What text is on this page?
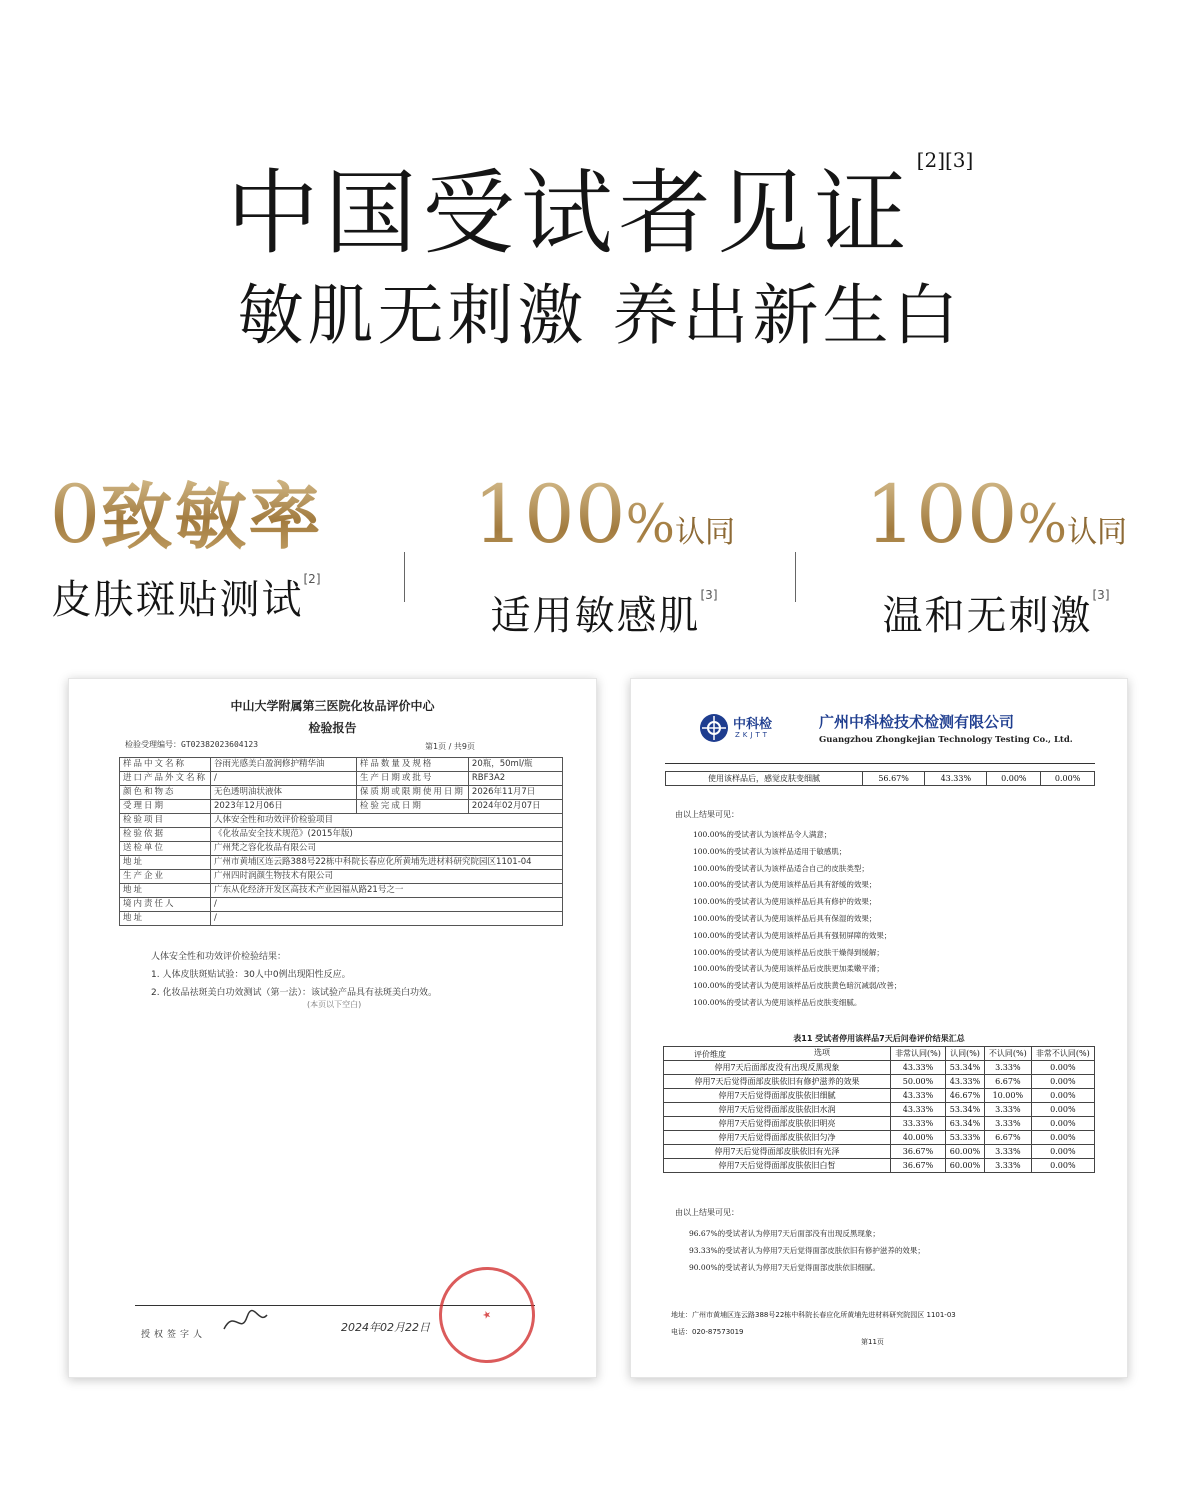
中国受试者见证 [2][3]
敏肌无刺激 养出新生白
0致敏率
皮肤斑贴测试[2]
100%认同
适用敏感肌[3]
100%认同
温和无刺激[3]
中山大学附属第三医院化妆品评价中心
检验报告
检验受理编号：GT02382023604123	第1页 / 共9页
样品中文名称	谷雨光感美白盈润修护精华油	样品数量及规格	20瓶，50ml/瓶
进口产品外文名称	/	生产日期或批号	RBF3A2
颜色和物态	无色透明油状液体	保质期或限期使用日期	2026年11月7日
受理日期	2023年12月06日	检验完成日期	2024年02月07日
检验项目	人体安全性和功效评价检验项目		
检验依据	《化妆品安全技术规范》(2015年版)		
送检单位	广州梵之容化妆品有限公司		
地址	广州市黄埔区连云路388号22栋中科院长春应化所黄埔先进材料研究院园区1101-04		
生产企业	广州四时润颜生物技术有限公司		
地址	广东从化经济开发区高技术产业园福从路21号之一		
境内责任人	/		
地址	/		
人体安全性和功效评价检验结果：
1. 人体皮肤斑贴试验：30人中0例出现阳性反应。
2. 化妆品祛斑美白功效测试（第一法）：该试验产品具有祛斑美白功效。
(本页以下空白)
授权签字人
2024年02月22日
★
中科检
ZKJTT
广州中科检技术检测有限公司
Guangzhou Zhongkejian Technology Testing Co., Ltd.
使用该样品后，感觉皮肤变细腻	56.67%	43.33%	0.00%	0.00%
由以上结果可见：
100.00%的受试者认为该样品令人满意；
100.00%的受试者认为该样品适用于敏感肌；
100.00%的受试者认为该样品适合自己的皮肤类型；
100.00%的受试者认为使用该样品后具有舒缓的效果；
100.00%的受试者认为使用该样品后具有修护的效果；
100.00%的受试者认为使用该样品后具有保湿的效果；
100.00%的受试者认为使用该样品后具有强韧屏障的效果；
100.00%的受试者认为使用该样品后皮肤干燥得到缓解；
100.00%的受试者认为使用该样品后皮肤更加柔嫩平滑；
100.00%的受试者认为使用该样品后皮肤黄色暗沉减弱/改善；
100.00%的受试者认为使用该样品后皮肤变细腻。
表11 受试者停用该样品7天后问卷评价结果汇总
选项
评价维度	非常认同(%)	认同(%)	不认同(%)	非常不认同(%)
停用7天后面部皮没有出现反黑现象	43.33%	53.34%	3.33%	0.00%
停用7天后觉得面部皮肤依旧有修护滋养的效果	50.00%	43.33%	6.67%	0.00%
停用7天后觉得面部皮肤依旧细腻	43.33%	46.67%	10.00%	0.00%
停用7天后觉得面部皮肤依旧水润	43.33%	53.34%	3.33%	0.00%
停用7天后觉得面部皮肤依旧明亮	33.33%	63.34%	3.33%	0.00%
停用7天后觉得面部皮肤依旧匀净	40.00%	53.33%	6.67%	0.00%
停用7天后觉得面部皮肤依旧有光泽	36.67%	60.00%	3.33%	0.00%
停用7天后觉得面部皮肤依旧白皙	36.67%	60.00%	3.33%	0.00%
由以上结果可见：
96.67%的受试者认为停用7天后面部没有出现反黑现象；
93.33%的受试者认为停用7天后觉得面部皮肤依旧有修护滋养的效果；
90.00%的受试者认为停用7天后觉得面部皮肤依旧细腻。
地址：广州市黄埔区连云路388号22栋中科院长春应化所黄埔先进材料研究院园区 1101-03
电话：020-87573019
第11页
